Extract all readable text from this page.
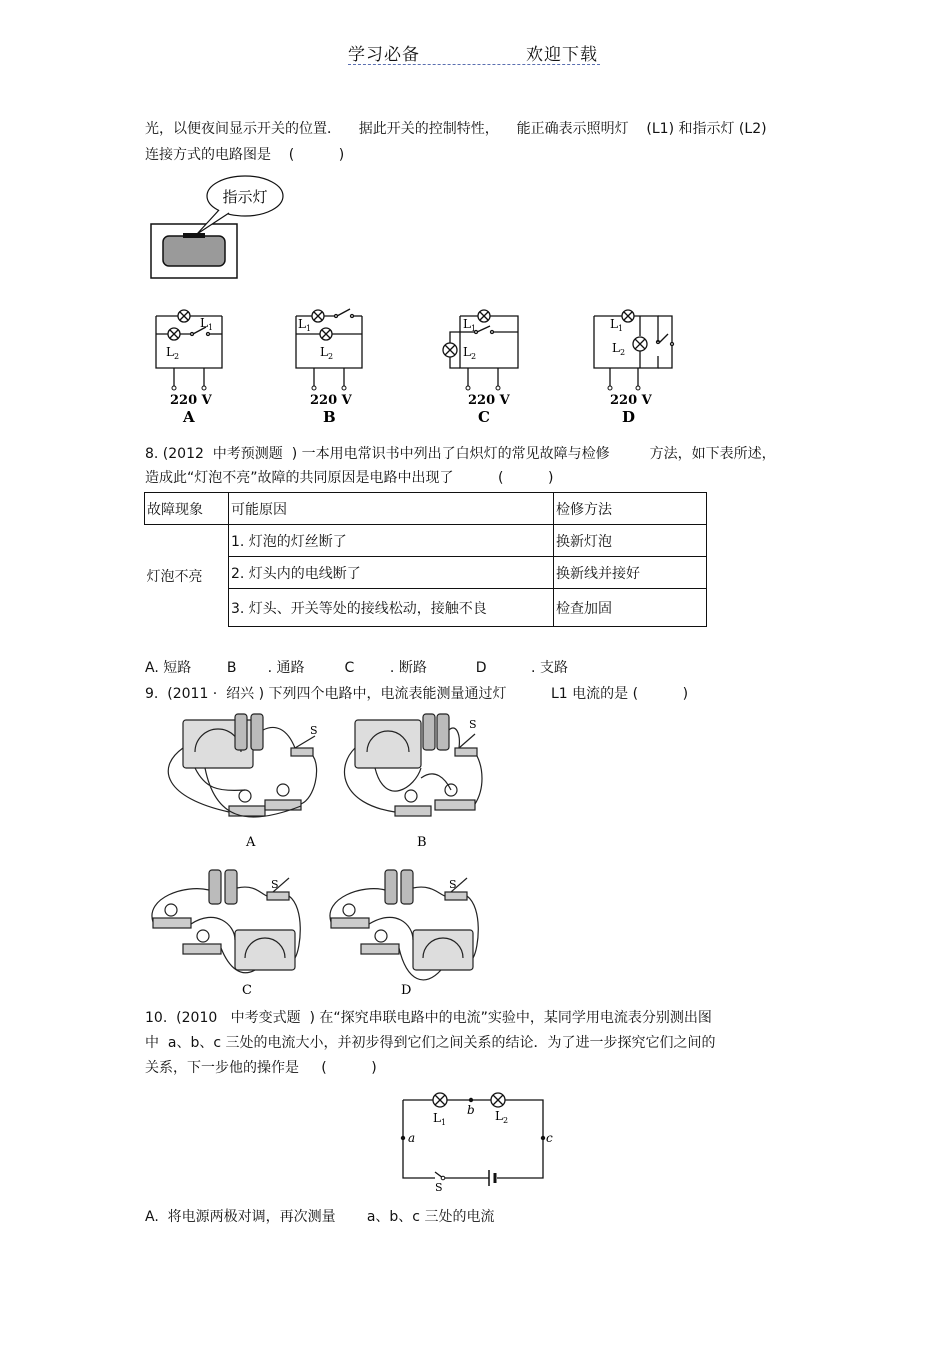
学习必备	欢迎下载
光，以便夜间显示开关的位置．    据此开关的控制特性，    能正确表示照明灯    (L1) 和指示灯 (L2)
连接方式的电路图是    (          )
指示灯
$L_1$
$L_2$
220 V
A
$L_1$
$L_2$
220 V
B
$L_1$
$L_2$
220 V
C
$L_1$
$L_2$
220 V
D
8. (2012  中考预测题  ) 一本用电常识书中列出了白炽灯的常见故障与检修         方法，如下表所述，
造成此“灯泡不亮”故障的共同原因是电路中出现了          (          )
故障现象	可能原因	检修方法
灯泡不亮	1. 灯泡的灯丝断了	换新灯泡
	2. 灯头内的电线断了	换新线并接好
	3. 灯头、开关等处的接线松动，接触不良	检查加固
A. 短路        B       . 通路         C        . 断路           D          . 支路
9.  (2011 ·  绍兴 ) 下列四个电路中，电流表能测量通过灯          L1 电流的是 (          )
S	S
S	S
A	B
C	D
10.  (2010   中考变式题  ) 在“探究串联电路中的电流”实验中，某同学用电流表分别测出图
中  a、b、c 三处的电流大小，并初步得到它们之间关系的结论．为了进一步探究它们之间的
关系，下一步他的操作是     (          )
$L_1$	$L_2$
b
a	c
S
A.  将电源两极对调，再次测量       a、b、c 三处的电流
